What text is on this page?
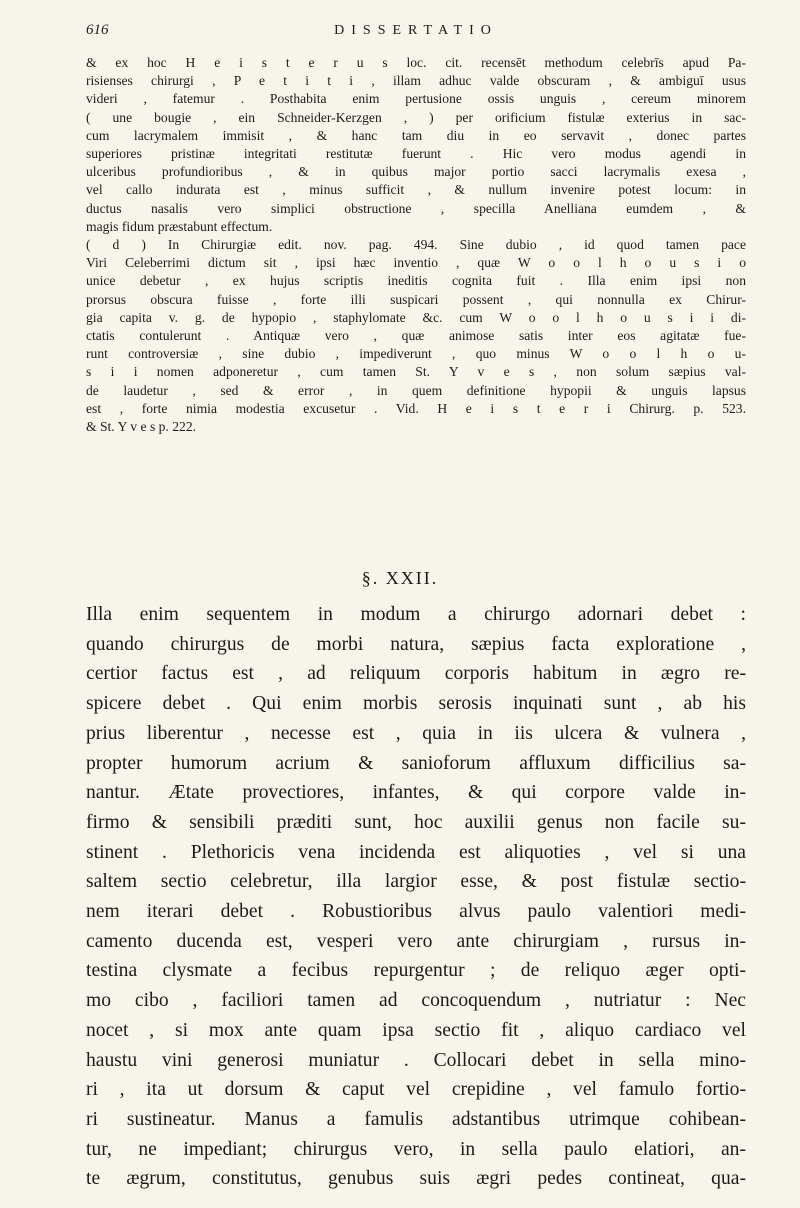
616	DISSERTATIO
& ex hoc H e i s t e r u s loc. cit. recensēt methodum celebrīs apud Pa-
risienses chirurgi , P e t i t i , illam adhuc valde obscuram , & ambiguī usus
videri , fatemur . Posthabita enim pertusione ossis unguis , cereum minorem
( une bougie , ein Schneider-Kerzgen , ) per orificium fistulæ exterius in sac-
cum lacrymalem immisit , & hanc tam diu in eo servavit , donec partes
superiores pristinæ integritati restitutæ fuerunt . Hic vero modus agendi in
ulceribus profundioribus , & in quibus major portio sacci lacrymalis exesa ,
vel callo indurata est , minus sufficit , & nullum invenire potest locum: in
ductus nasalis vero simplici obstructione , specilla Anelliana eumdem , &
magis fidum præstabunt effectum.
( d ) In Chirurgiæ edit. nov. pag. 494. Sine dubio , id quod tamen pace
Viri Celeberrimi dictum sit , ipsi hæc inventio , quæ W o o l h o u s i o
unice debetur , ex hujus scriptis ineditis cognita fuit . Illa enim ipsi non
prorsus obscura fuisse , forte illi suspicari possent , qui nonnulla ex Chirur-
gia capita v. g. de hypopio , staphylomate &c. cum W o o l h o u s i i di-
ctatis contulerunt . Antiquæ vero , quæ animose satis inter eos agitatæ fue-
runt controversiæ , sine dubio , impediverunt , quo minus W o o l h o u-
s i i nomen adponeretur , cum tamen St. Y v e s , non solum sæpius val-
de laudetur , sed & error , in quem definitione hypopii & unguis lapsus
est , forte nimia modestia excusetur . Vid. H e i s t e r i Chirurg. p. 523.
& St. Y v e s p. 222.
§. XXII.
Illa enim sequentem in modum a chirurgo adornari debet :
quando chirurgus de morbi natura, sæpius facta exploratione ,
certior factus est , ad reliquum corporis habitum in ægro re-
spicere debet . Qui enim morbis serosis inquinati sunt , ab his
prius liberentur , necesse est , quia in iis ulcera & vulnera ,
propter humorum acrium & sanioforum affluxum difficilius sa-
nantur. Ætate provectiores, infantes, & qui corpore valde in-
firmo & sensibili præditi sunt, hoc auxilii genus non facile su-
stinent . Plethoricis vena incidenda est aliquoties , vel si una
saltem sectio celebretur, illa largior esse, & post fistulæ sectio-
nem iterari debet . Robustioribus alvus paulo valentiori medi-
camento ducenda est, vesperi vero ante chirurgiam , rursus in-
testina clysmate a fecibus repurgentur ; de reliquo æger opti-
mo cibo , faciliori tamen ad concoquendum , nutriatur : Nec
nocet , si mox ante quam ipsa sectio fit , aliquo cardiaco vel
haustu vini generosi muniatur . Collocari debet in sella mino-
ri , ita ut dorsum & caput vel crepidine , vel famulo fortio-
ri sustineatur. Manus a famulis adstantibus utrimque cohibean-
tur, ne impediant; chirurgus vero, in sella paulo elatiori, an-
te ægrum, constitutus, genubus suis ægri pedes contineat, qua-
